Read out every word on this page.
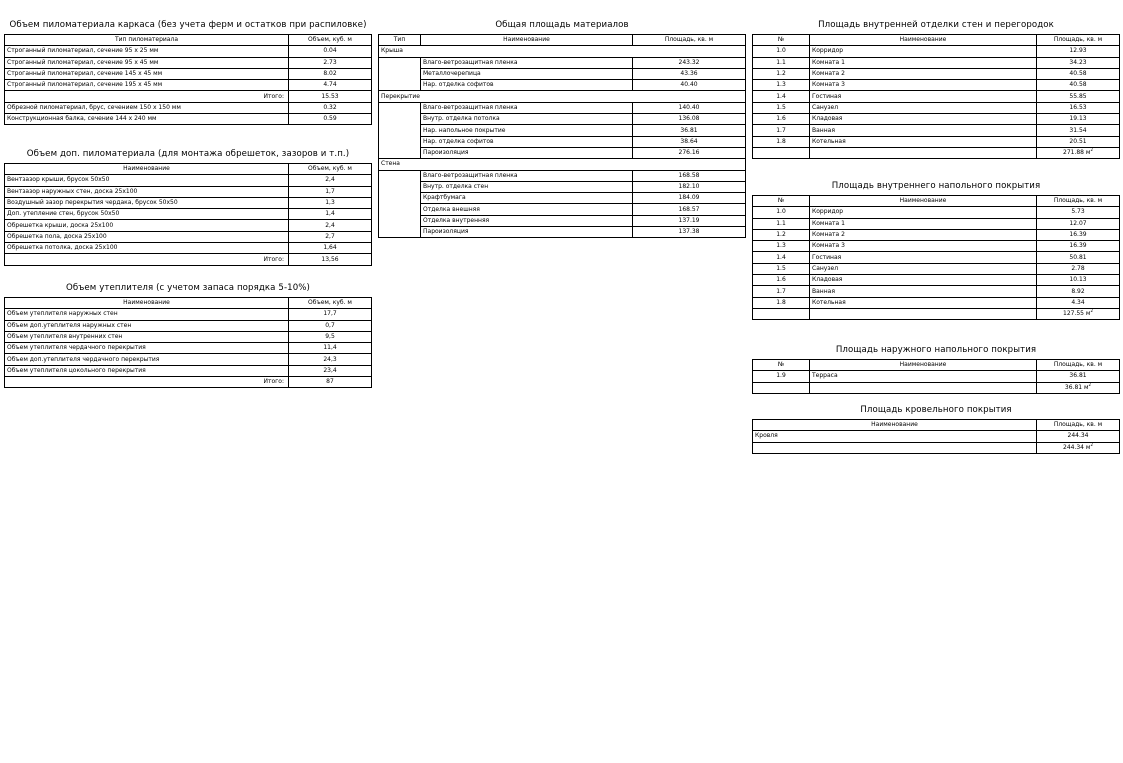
Объем пиломатериала каркаса (без учета ферм и остатков при распиловке)
Тип пиломатериала	Объем, куб. м
Строганный пиломатериал, сечение 95 х 25 мм	0.04
Строганный пиломатериал, сечение 95 х 45 мм	2.73
Строганный пиломатериал, сечение 145 х 45 мм	8.02
Строганный пиломатериал, сечение 195 х 45 мм	4.74
Итого:	15.53
Обрезной пиломатериал, брус, сечением 150 х 150 мм	0.32
Конструкционная балка, сечение 144 х 240 мм	0.59
Объем доп. пиломатериала (для монтажа обрешеток, зазоров и т.п.)
Наименование	Объем, куб. м
Вентзазор крыши, брусок 50х50	2,4
Вентзазор наружных стен, доска 25х100	1,7
Воздушный зазор перекрытия чердака, брусок 50х50	1,3
Доп. утепление стен, брусок 50х50	1,4
Обрешетка крыши, доска 25х100	2,4
Обрешетка пола, доска 25х100	2,7
Обрешетка потолка, доска 25х100	1,64
Итого:	13,56
Объем утеплителя (с учетом запаса порядка 5-10%)
Наименование	Объем, куб. м
Объем утеплителя наружных стен	17,7
Объем доп.утеплителя наружных стен	0,7
Объем утеплителя внутренних стен	9,5
Объем утеплителя чердачного перекрытия	11,4
Объем доп.утеплителя чердачного перекрытия	24,3
Объем утеплителя цокольного перекрытия	23,4
Итого:	87
Общая площадь материалов
Тип	Наименование	Площадь, кв. м
Крыша		
	Влаго-ветрозащитная пленка	243.32
	Металлочерепица	43.36
	Нар. отделка софитов	40.40
Перекрытие		
	Влаго-ветрозащитная пленка	140.40
	Внутр. отделка потолка	136.08
	Нар. напольное покрытие	36.81
	Нар. отделка софитов	38.64
	Пароизоляция	276.16
Стена		
	Влаго-ветрозащитная пленка	168.58
	Внутр. отделка стен	182.10
	Крафтбумага	184.09
	Отделка внешняя	168.57
	Отделка внутренняя	137.19
	Пароизоляция	137.38
Площадь внутренней отделки стен и перегородок
№	Наименование	Площадь, кв. м
1.0	Корридор	12.93
1.1	Комната 1	34.23
1.2	Комната 2	40.58
1.3	Комната 3	40.58
1.4	Гостиная	55.85
1.5	Санузел	16.53
1.6	Кладовая	19.13
1.7	Ванная	31.54
1.8	Котельная	20.51
		271.88 $м^2$
Площадь внутреннего напольного покрытия
№	Наименование	Площадь, кв. м
1.0	Корридор	5.73
1.1	Комната 1	12.07
1.2	Комната 2	16.39
1.3	Комната 3	16.39
1.4	Гостиная	50.81
1.5	Санузел	2.78
1.6	Кладовая	10.13
1.7	Ванная	8.92
1.8	Котельная	4.34
		127.55 $м^2$
Площадь наружного напольного покрытия
№	Наименование	Площадь, кв. м
1.9	Терраса	36.81
		36.81 $м^2$
Площадь кровельного покрытия
Наименование	Площадь, кв. м
Кровля	244.34
	244.34 $м^2$
